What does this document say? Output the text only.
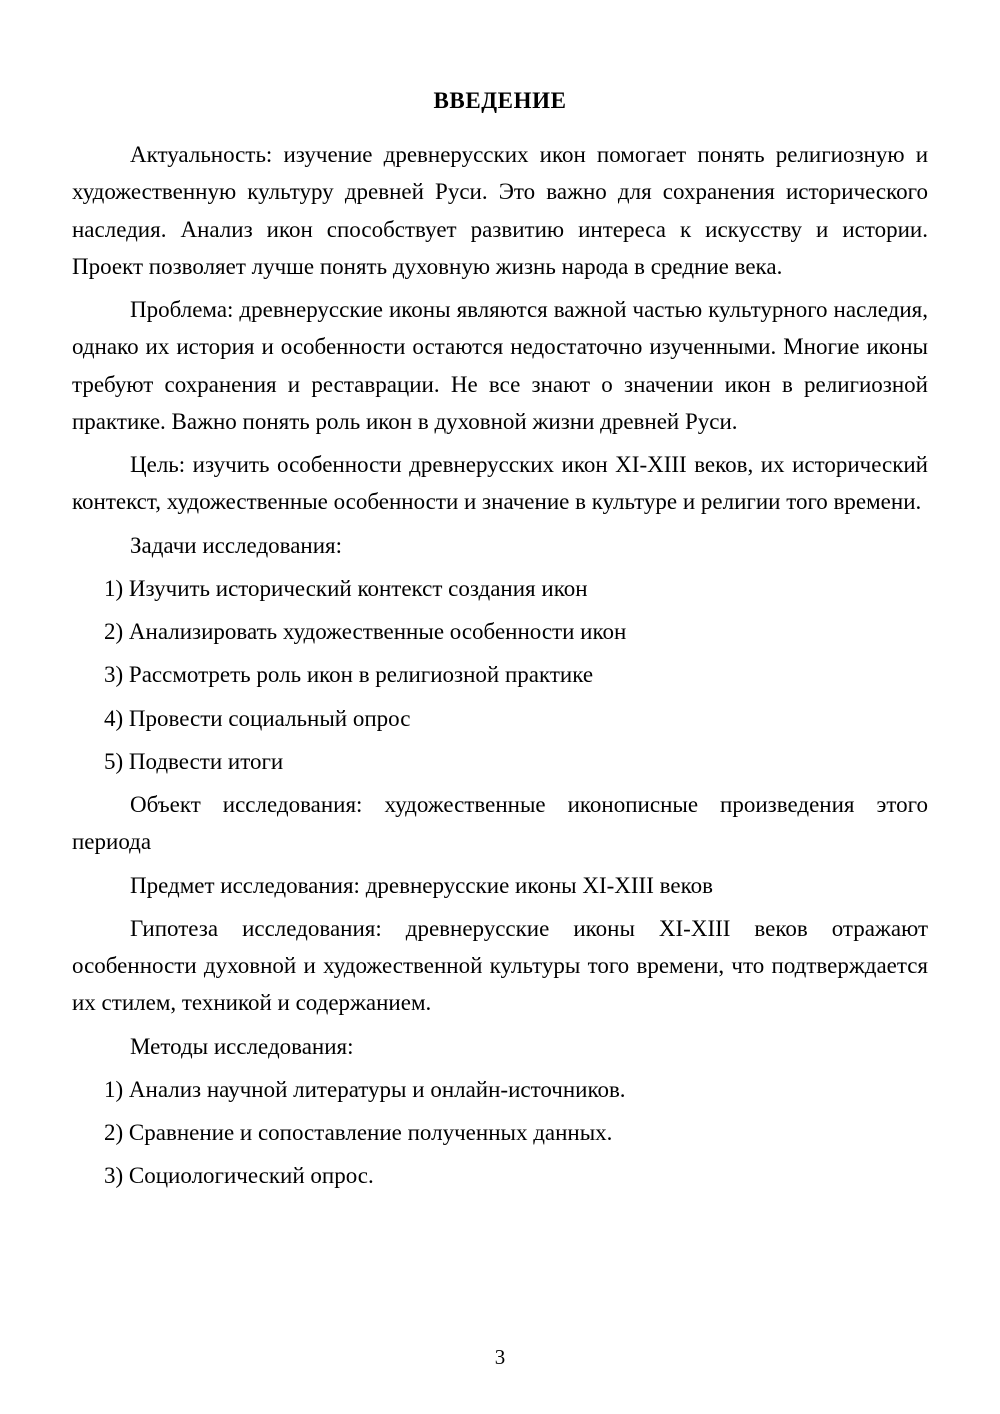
ВВЕДЕНИЕ

Актуальность: изучение древнерусских икон помогает понять религиозную и художественную культуру древней Руси. Это важно для сохранения исторического наследия. Анализ икон способствует развитию интереса к искусству и истории. Проект позволяет лучше понять духовную жизнь народа в средние века.

Проблема: древнерусские иконы являются важной частью культурного наследия, однако их история и особенности остаются недостаточно изученными. Многие иконы требуют сохранения и реставрации. Не все знают о значении икон в религиозной практике. Важно понять роль икон в духовной жизни древней Руси.

Цель: изучить особенности древнерусских икон XI-XIII веков, их исторический контекст, художественные особенности и значение в культуре и религии того времени.

Задачи исследования:

1) Изучить исторический контекст создания икон

2) Анализировать художественные особенности икон

3) Рассмотреть роль икон в религиозной практике

4) Провести социальный опрос

5) Подвести итоги

Объект исследования: художественные иконописные произведения этого периода

Предмет исследования: древнерусские иконы XI-XIII веков

Гипотеза исследования: древнерусские иконы XI-XIII веков отражают особенности духовной и художественной культуры того времени, что подтверждается их стилем, техникой и содержанием.

Методы исследования:

1) Анализ научной литературы и онлайн-источников.

2) Сравнение и сопоставление полученных данных.

3) Социологический опрос.

3
